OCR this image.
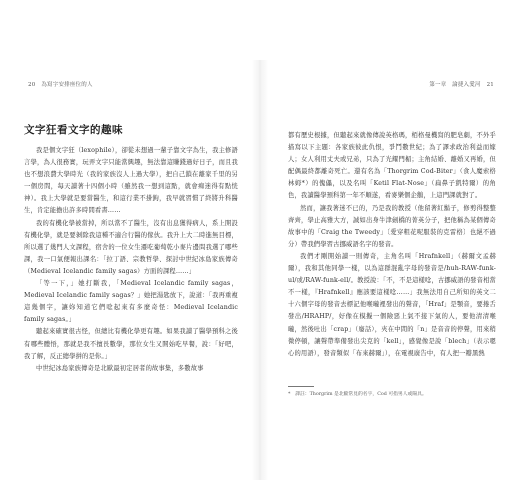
20 為寫字安排座位的人
文字狂看文字的趣味

我是個文字狂（lexophile），卻從未想過一輩子靠文字為生，我主修語言學，為人很務實，玩弄文字只能當興趣，無法靠這賺錢過好日子，而且我也不想浪費大學時光（我的家族沒人上過大學），把自己鎖在離家千里的另一個房間，每天讀著十四個小時（雖然我一想到這點，就會痴迷得有點恍神）。我上大學就是要當醫生，和這行業不掛鉤，我早就習慣了終將升科醫生，肯定能擔出許多時間看書……

我的有機化學被當掉，所以當不了醫生，沒有出息獲得病人，系上開設有機化學，就是要剝除我這種不適合行醫的傢伙。我升上大二時進無目標，所以選了幾門人文課程，宿舍的一位女生遷吃葡萄乾小麥片邊問我選了哪些課，我一口氣便報出課名：「拉丁語、宗教哲學、探討中世紀冰島家族傳奇（Medieval Icelandic family sagas）方面的課程……」

「等一下，」她打斷我，「Medieval Icelandic family sagas，Medieval Icelandic family sagas？」她把湯匙放下，說道：「我再重複這幾個字，讓妳知道它們唸起來有多麼奇怪：Medieval Icelandic family sagas。」

聽起來確實很古怪，但總比有機化學更有趣。如果我讀了醫學預科之後有哪些體悟，那就是我不擅長數學，那位女生又開始吃早餐，說：「好吧，我了解，反正總學拼的是你。」

中世紀冰島家族傳奇是北歐最初定居者的故事集，多數故事

第一章　論捷入愛河 21

都有歷史根據，但聽起來就像傳說英格瑪，栢格曼機寫的肥皂劇，不外乎描寫以下主題：各家族彼此仇恨，爭鬥數世紀；為了譯求政治利益而嫁人；女人利用丈夫或兄弟，只為了光耀門楣；主角結婚、離婚又再婚，但配偶最終都離奇死亡。還有名為「Thorgrim Cod-Biter」（食人魔索格林姆*）的傀儡，以及名叫「Ketil Flat-Nose」（扁鼻子凱特爾）的角色，我讀醫學預科第一年不順遂，看麥樂個企鵝，上這門課就對了。

然而，讓我著迷不已的，乃是我的教授（他留著紅鬍子，修剪得整整齊齊，學止高雅大方，誠如出身牛津劍橋的菁英分子，把他稱為某個傳奇故事中的「Craig the Tweedy」〔愛穿粗花呢服裝的克雷格〕也絕不過分）帶我們學習古挪威語名字的發音。

我們才剛開始讀一則傳奇，主角名叫「Hrafnkell」（赫爾文孟赫爾），我和其他同學一樣，以為這群混亂字母的發音是/huh-RAW-funk-ul/或/RAW-funk-ell/。教授說：「不，不是這樣唸，古挪威語的發音相當不一樣，『Hrafnkell』應該要這樣唸……」我無法用自己所知的英文二十六個字母的發音去標記他喉嚨裡發出的聲音，「Hraf」是顎音，要捲舌發出/HRAHP/，好像在模擬一個險惡上氣不接下氣的人，要他清清喉嚨，然後吐出「crap」（廢話），夾在中間的「n」是音音的停聲，用來稍微停頓，讓聲帶準備發出尖克的「kell」，感覺像是說「blech」（表示嗯心的用語），發音類似「布來赫爾」），在電視廣告中，有人把一瓣黑熱

*　譯註：Thorgrim 是北歐常見的名字，Cod 可指男人或陽具。
